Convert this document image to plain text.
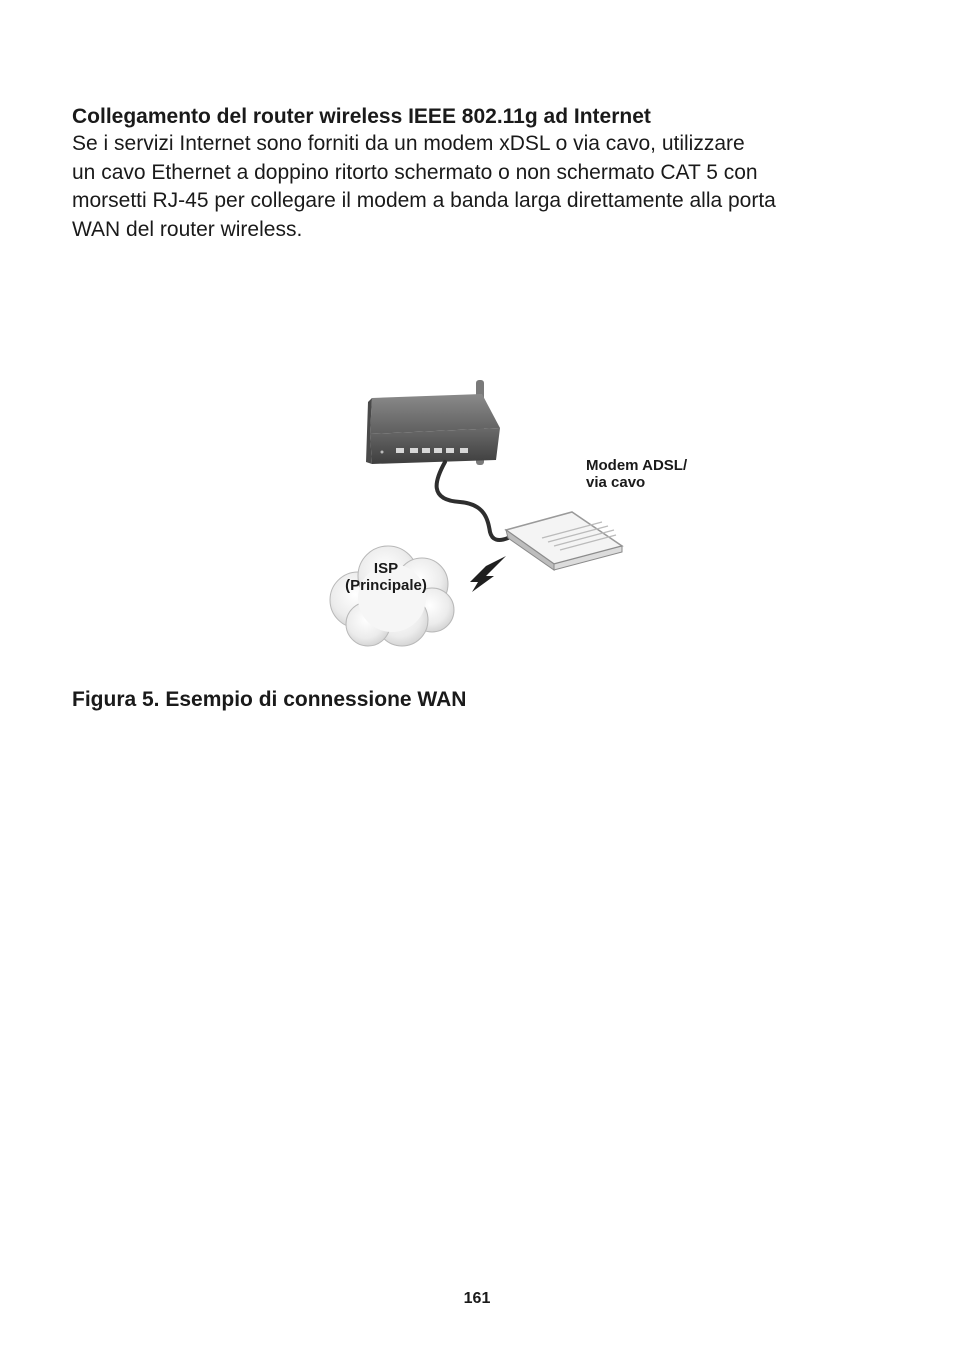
Collegamento del router wireless IEEE 802.11g ad Internet

Se i servizi Internet sono forniti da un modem xDSL o via cavo, utilizzare
un cavo Ethernet a doppino ritorto schermato o non schermato CAT 5 con
morsetti RJ-45 per collegare il modem a banda larga direttamente alla porta
WAN del router wireless.

Modem ADSL/
via cavo
ISP
(Principale)

Figura 5. Esempio di connessione WAN

161
